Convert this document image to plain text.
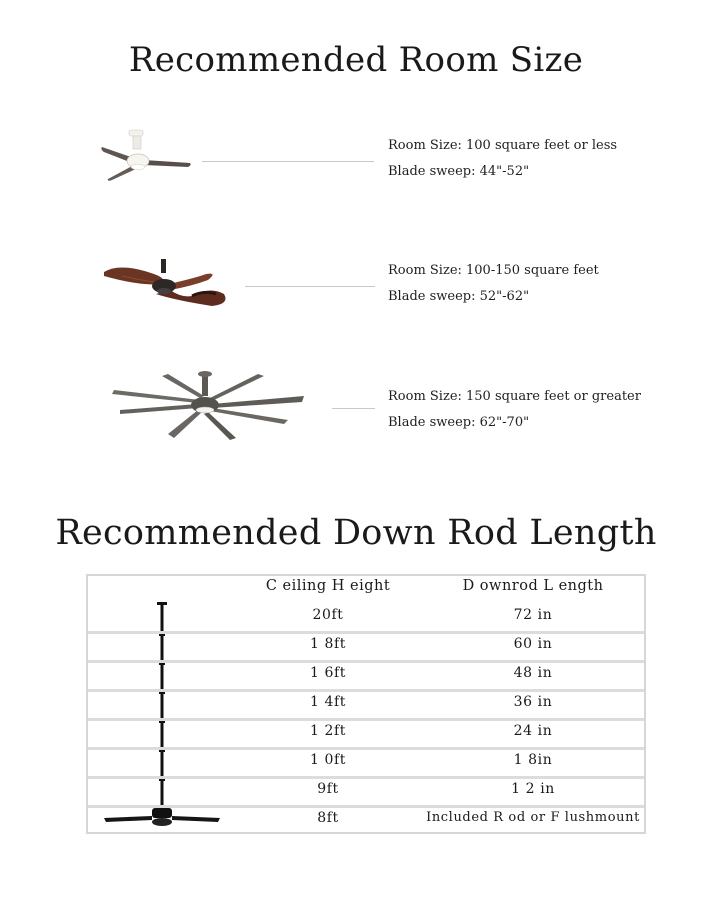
Recommended Room Size
Room Size: 100 square feet or less
Blade sweep: 44"-52"
Room Size: 100-150 square feet
Blade sweep: 52"-62"
Room Size: 150 square feet or greater
Blade sweep: 62"-70"
Recommended Down Rod Length
C eiling H eight	D ownrod L ength
20ft	72 in
1 8ft	60 in
1 6ft	48 in
1 4ft	36 in
1 2ft	24 in
1 0ft	1 8in
9ft	1 2 in
8ft	Included R od or F lushmount
